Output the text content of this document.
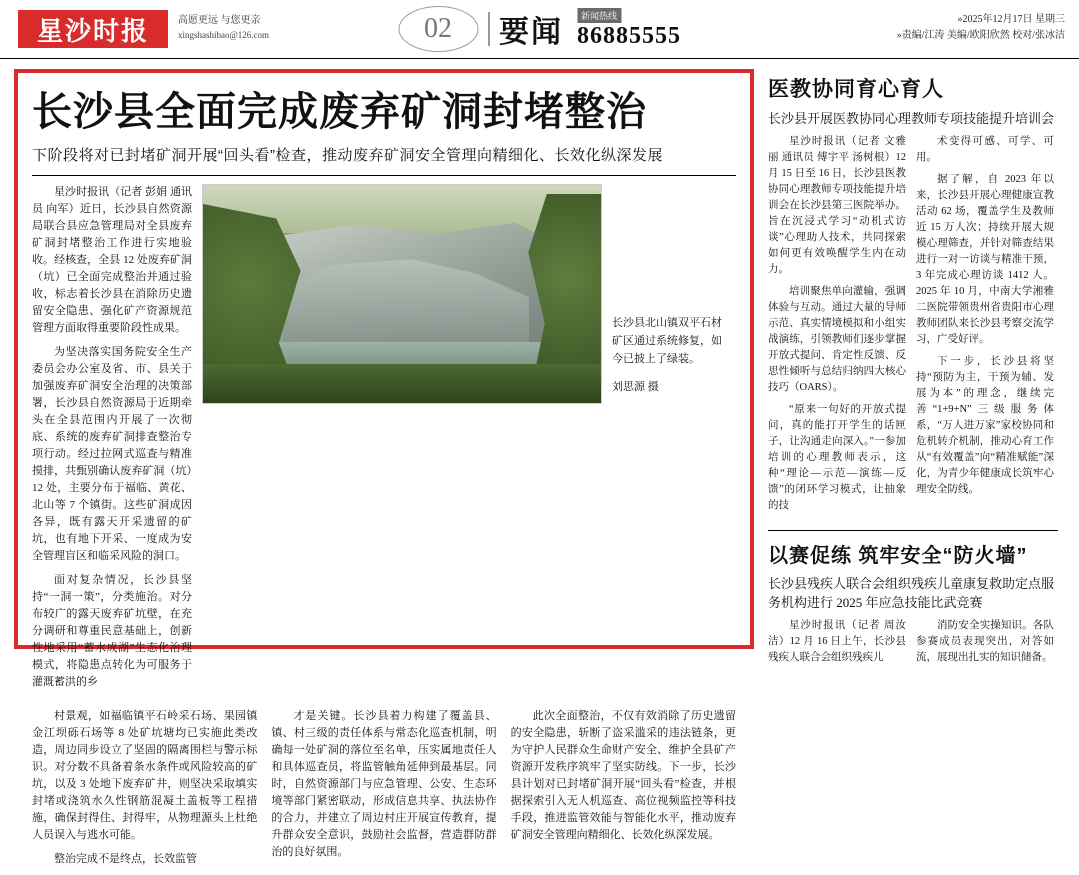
星沙时报	高愿更远 与您更亲
xingshashibao@126.com	02	要闻	新闻热线
86885555
»2025年12月17日 星期三
»责编/江涛 美编/欧阳欣然 校对/张冰洁
长沙县全面完成废弃矿洞封堵整治
下阶段将对已封堵矿洞开展“回头看”检查，推动废弃矿洞安全管理向精细化、长效化纵深发展

星沙时报讯（记者 彭娟 通讯员 向军）近日，长沙县自然资源局联合县应急管理局对全县废弃矿洞封堵整治工作进行实地验收。经核查，全县 12 处废弃矿洞（坑）已全面完成整治并通过验收，标志着长沙县在消除历史遗留安全隐患、强化矿产资源规范管理方面取得重要阶段性成果。

为坚决落实国务院安全生产委员会办公室及省、市、县关于加强废弃矿洞安全治理的决策部署，长沙县自然资源局于近期牵头在全县范围内开展了一次彻底、系统的废弃矿洞排查整治专项行动。经过拉网式巡查与精准摸排，共甄别确认废弃矿洞（坑）12 处，主要分布于福临、黄花、北山等 7 个镇街。这些矿洞成因各异，既有露天开采遗留的矿坑，也有地下开采、一度成为安全管理盲区和临采风险的洞口。

面对复杂情况，长沙县坚持“一洞一策”，分类施治。对分布较广的露天废弃矿坑壁，在充分调研和尊重民意基础上，创新性地采用“蓄水成湖”生态化治理模式，将隐患点转化为可服务于灌溉蓄洪的乡

长沙县北山镇双平石材矿区通过系统修复，如今已披上了绿装。
刘思源 摄

村景观，如福临镇平石岭采石场、果园镇金江坝砾石场等 8 处矿坑塘均已实施此类改造，周边同步设立了坚固的隔离围栏与警示标识。对分数不具备着条水条件或风险较高的矿坑，以及 3 处地下废弃矿井，则坚决采取填实封堵或浇筑水久性钢筋混凝土盖板等工程措施，确保封得住、封得牢，从物理源头上杜绝人员误入与逃水可能。

整治完成不是终点，长效监管

才是关键。长沙县着力构建了覆盖县、镇、村三级的责任体系与常态化巡查机制，明确每一处矿洞的落位至名单，压实属地责任人和具体巡查员，将监管触角延伸到最基层。同时，自然资源部门与应急管理、公安、生态环境等部门紧密联动，形成信息共享、执法协作的合力，并建立了周边村庄开展宣传教育，提升群众安全意识，鼓励社会监督，营造群防群治的良好氛围。

此次全面整治，不仅有效消除了历史遗留的安全隐患，斩断了盗采滥采的违法链条，更为守护人民群众生命财产安全、维护全县矿产资源开发秩序筑牢了坚实防线。下一步，长沙县计划对已封堵矿洞开展“回头看”检查，并根据探索引入无人机巡查、高位视频监控等科技手段，推进监管效能与智能化水平，推动废弃矿洞安全管理向精细化、长效化纵深发展。

医教协同育心育人
长沙县开展医教协同心理教师专项技能提升培训会

星沙时报讯（记者 文雅丽 通讯员 傅宇平 汤树根）12 月 15 日至 16 日，长沙县医教协同心理教师专项技能提升培训会在长沙县第三医院举办。旨在沉浸式学习“动机式访谈”心理助人技术，共同探索如何更有效唤醒学生内在动力。

培训聚焦单向灌输，强调体验与互动。通过大量的导师示范、真实情境模拟和小组实战演练，引领教师们逐步掌握开放式提问、肯定性反馈、反思性倾听与总结归纳四大核心技巧（OARS）。

“原来一句好的开放式提问，真的能打开学生的话匣子，让沟通走向深入。”一参加培训的心理教师表示，这种“理论—示范—演练—反馈”的闭环学习模式，让抽象的技

术变得可感、可学、可用。

据了解，自 2023 年以来，长沙县开展心理健康宣教活动 62 场，覆盖学生及教师近 15 万人次；持续开展大规模心理筛查，并针对筛查结果进行一对一访谈与精准干预，3 年完成心理访谈 1412 人。2025 年 10 月，中南大学湘雅二医院带领贵州省贵阳市心理教师团队来长沙县考察交流学习，广受好评。

下一步，长沙县将坚持“预防为主，干预为辅、发展为本”的理念，继续完善“1+9+N”三级服务体系，“万人进万家”家校协同和危机转介机制，推动心育工作从“有效覆盖”向“精准赋能”深化，为青少年健康成长筑牢心理安全防线。

以赛促练 筑牢安全“防火墙”
长沙县残疾人联合会组织残疾儿童康复救助定点服务机构进行 2025 年应急技能比武竞赛

星沙时报讯（记者 周汝洁）12 月 16 日上午，长沙县残疾人联合会组织残疾儿

消防安全实操知识。各队参赛成员表现突出，对答如流，展现出扎实的知识储备。
